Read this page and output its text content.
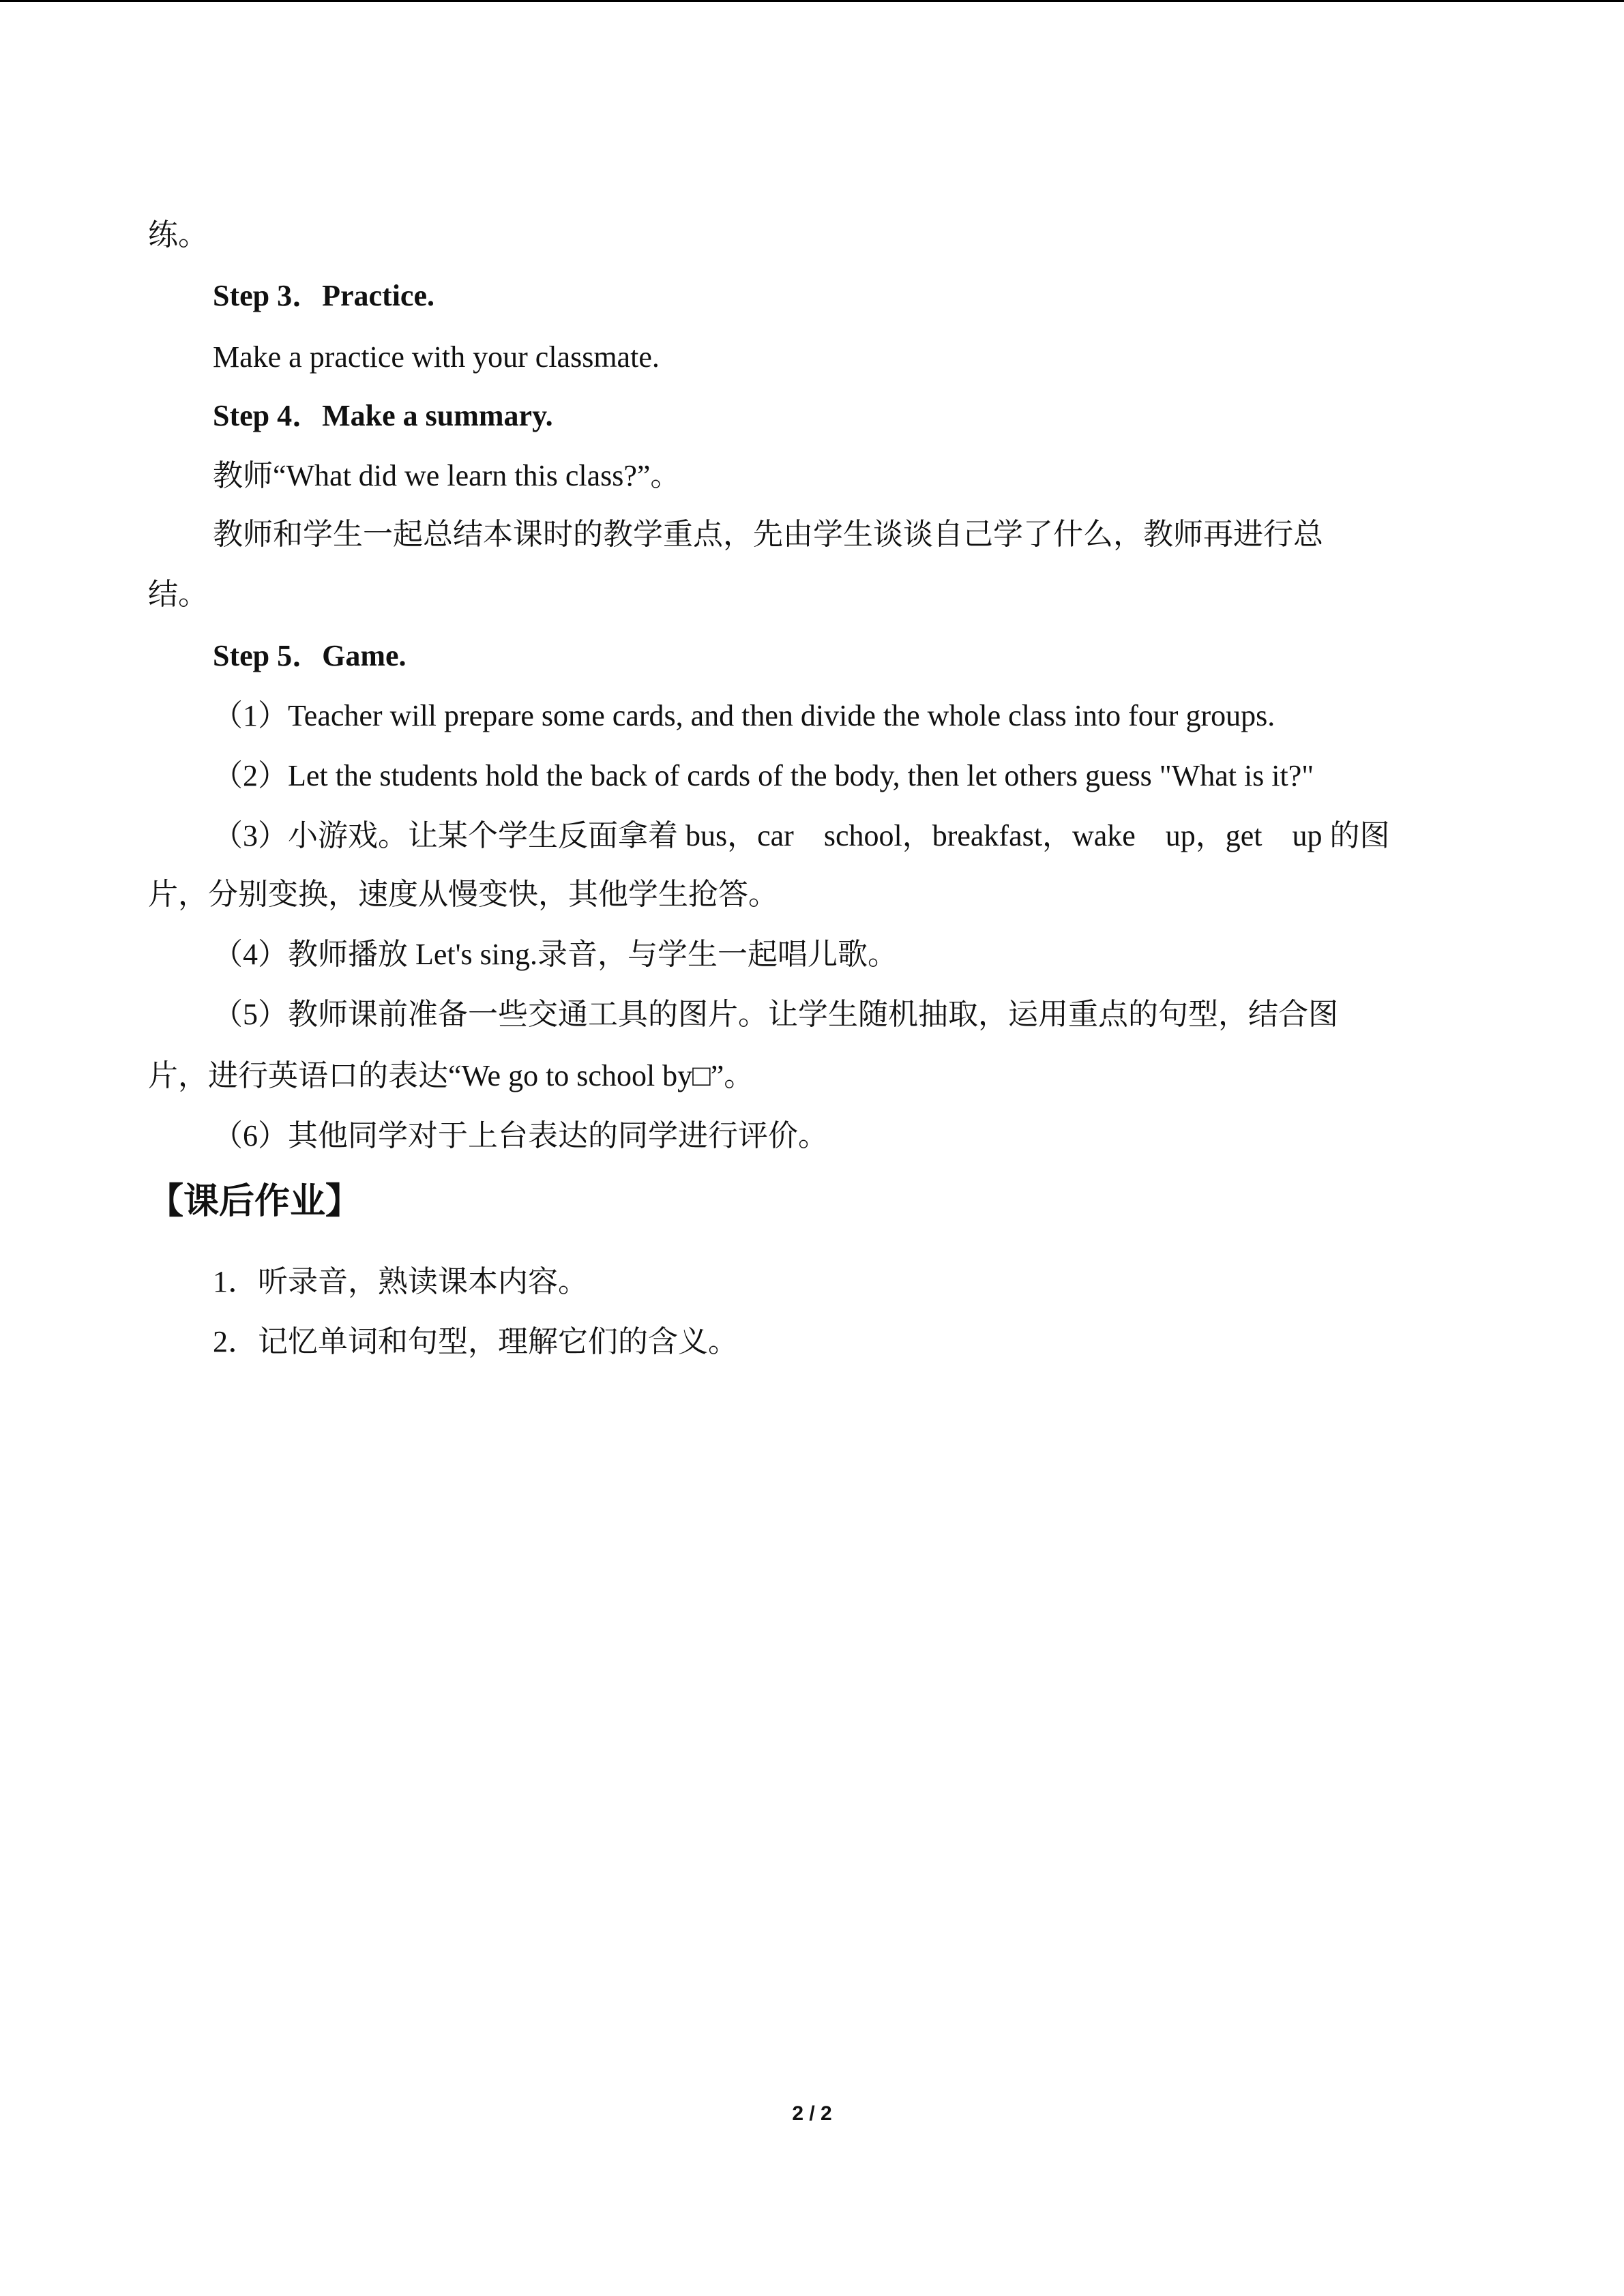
练。
Step 3．Practice.
Make a practice with your classmate.
Step 4．Make a summary.
教师“What did we learn this class?”。
教师和学生一起总结本课时的教学重点，先由学生谈谈自己学了什么，教师再进行总
结。
Step 5．Game.
（1）Teacher will prepare some cards, and then divide the whole class into four groups.
（2）Let the students hold the back of cards of the body, then let others guess "What is it?"
（3）小游戏。让某个学生反面拿着 bus，car　school，breakfast，wake　up，get　up 的图
片，分别变换，速度从慢变快，其他学生抢答。
（4）教师播放 Let's sing.录音，与学生一起唱儿歌。
（5）教师课前准备一些交通工具的图片。让学生随机抽取，运用重点的句型，结合图
片，进行英语口的表达“We go to school by□”。
（6）其他同学对于上台表达的同学进行评价。
【课后作业】
1．听录音，熟读课本内容。
2．记忆单词和句型，理解它们的含义。
2 / 2
